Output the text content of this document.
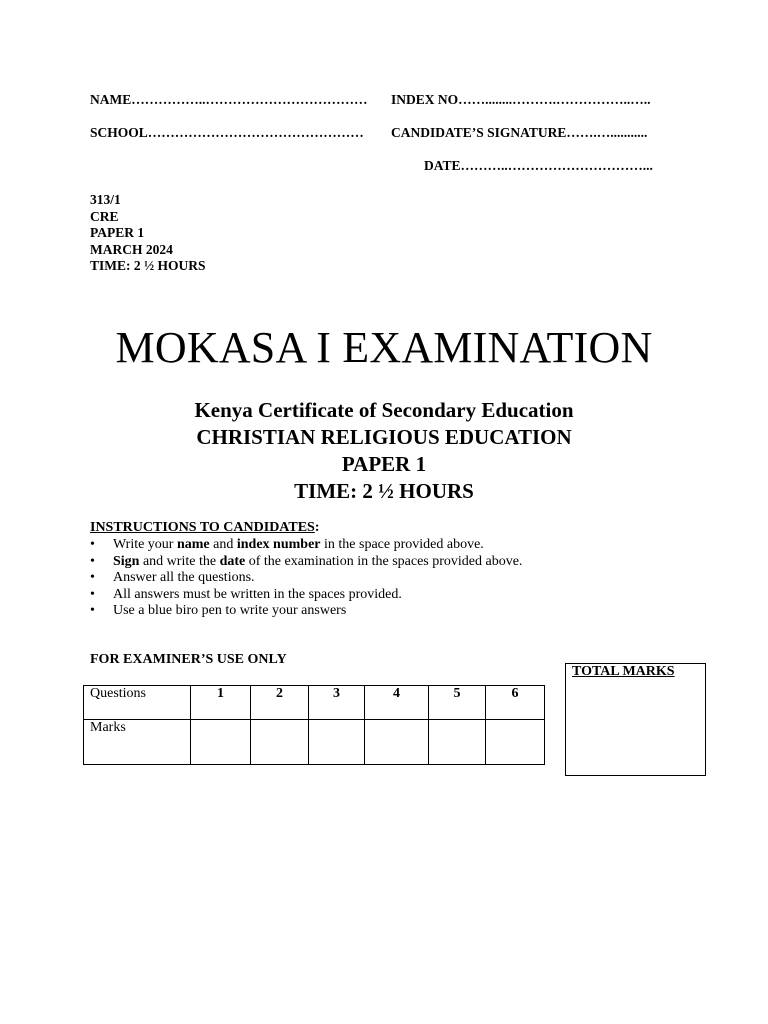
NAME……………..……………………………… INDEX NO……........……….……………..…..
SCHOOL………………………………………… CANDIDATE’S SIGNATURE…….…...........
DATE………..…………………………...
313/1
CRE
PAPER 1
MARCH 2024
TIME: 2 ½ HOURS
MOKASA I EXAMINATION
Kenya Certificate of Secondary Education
CHRISTIAN RELIGIOUS EDUCATION
PAPER 1
TIME: 2 ½ HOURS
INSTRUCTIONS TO CANDIDATES:
• Write your name and index number in the space provided above.
• Sign and write the date of the examination in the spaces provided above.
• Answer all the questions.
• All answers must be written in the spaces provided.
• Use a blue biro pen to write your answers
FOR EXAMINER’S USE ONLY
Questions	1	2	3	4	5	6
Marks						
TOTAL MARKS
